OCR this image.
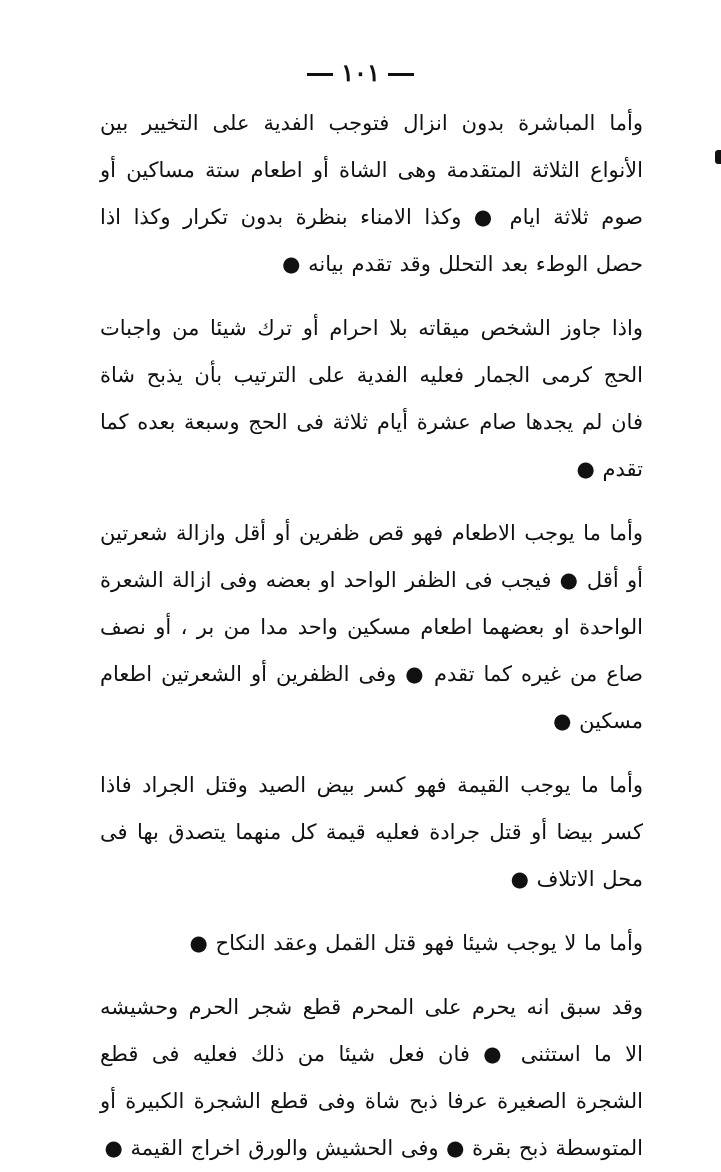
١٠١

وأما المباشرة بدون انزال فتوجب الفدية على التخيير بين الأنواع الثلاثة المتقدمة وهى الشاة أو اطعام ستة مساكين أو صوم ثلاثة ايام ● وكذا الامناء بنظرة بدون تكرار وكذا اذا حصل الوطء بعد التحلل وقد تقدم بيانه ●

واذا جاوز الشخص ميقاته بلا احرام أو ترك شيئا من واجبات الحج كرمى الجمار فعليه الفدية على الترتيب بأن يذبح شاة فان لم يجدها صام عشرة أيام ثلاثة فى الحج وسبعة بعده كما تقدم ●

وأما ما يوجب الاطعام فهو قص ظفرين أو أقل وازالة شعرتين أو أقل ● فيجب فى الظفر الواحد او بعضه وفى ازالة الشعرة الواحدة او بعضهما اطعام مسكين واحد مدا من بر ، أو نصف صاع من غيره كما تقدم ● وفى الظفرين أو الشعرتين اطعام مسكين ●

وأما ما يوجب القيمة فهو كسر بيض الصيد وقتل الجراد فاذا كسر بيضا أو قتل جرادة فعليه قيمة كل منهما يتصدق بها فى محل الاتلاف ●

وأما ما لا يوجب شيئا فهو قتل القمل وعقد النكاح ●

وقد سبق انه يحرم على المحرم قطع شجر الحرم وحشيشه الا ما استثنى ● فان فعل شيئا من ذلك فعليه فى قطع الشجرة الصغيرة عرفا ذبح شاة وفى قطع الشجرة الكبيرة أو المتوسطة ذبح بقرة ● وفى الحشيش والورق اخراج القيمة ●
